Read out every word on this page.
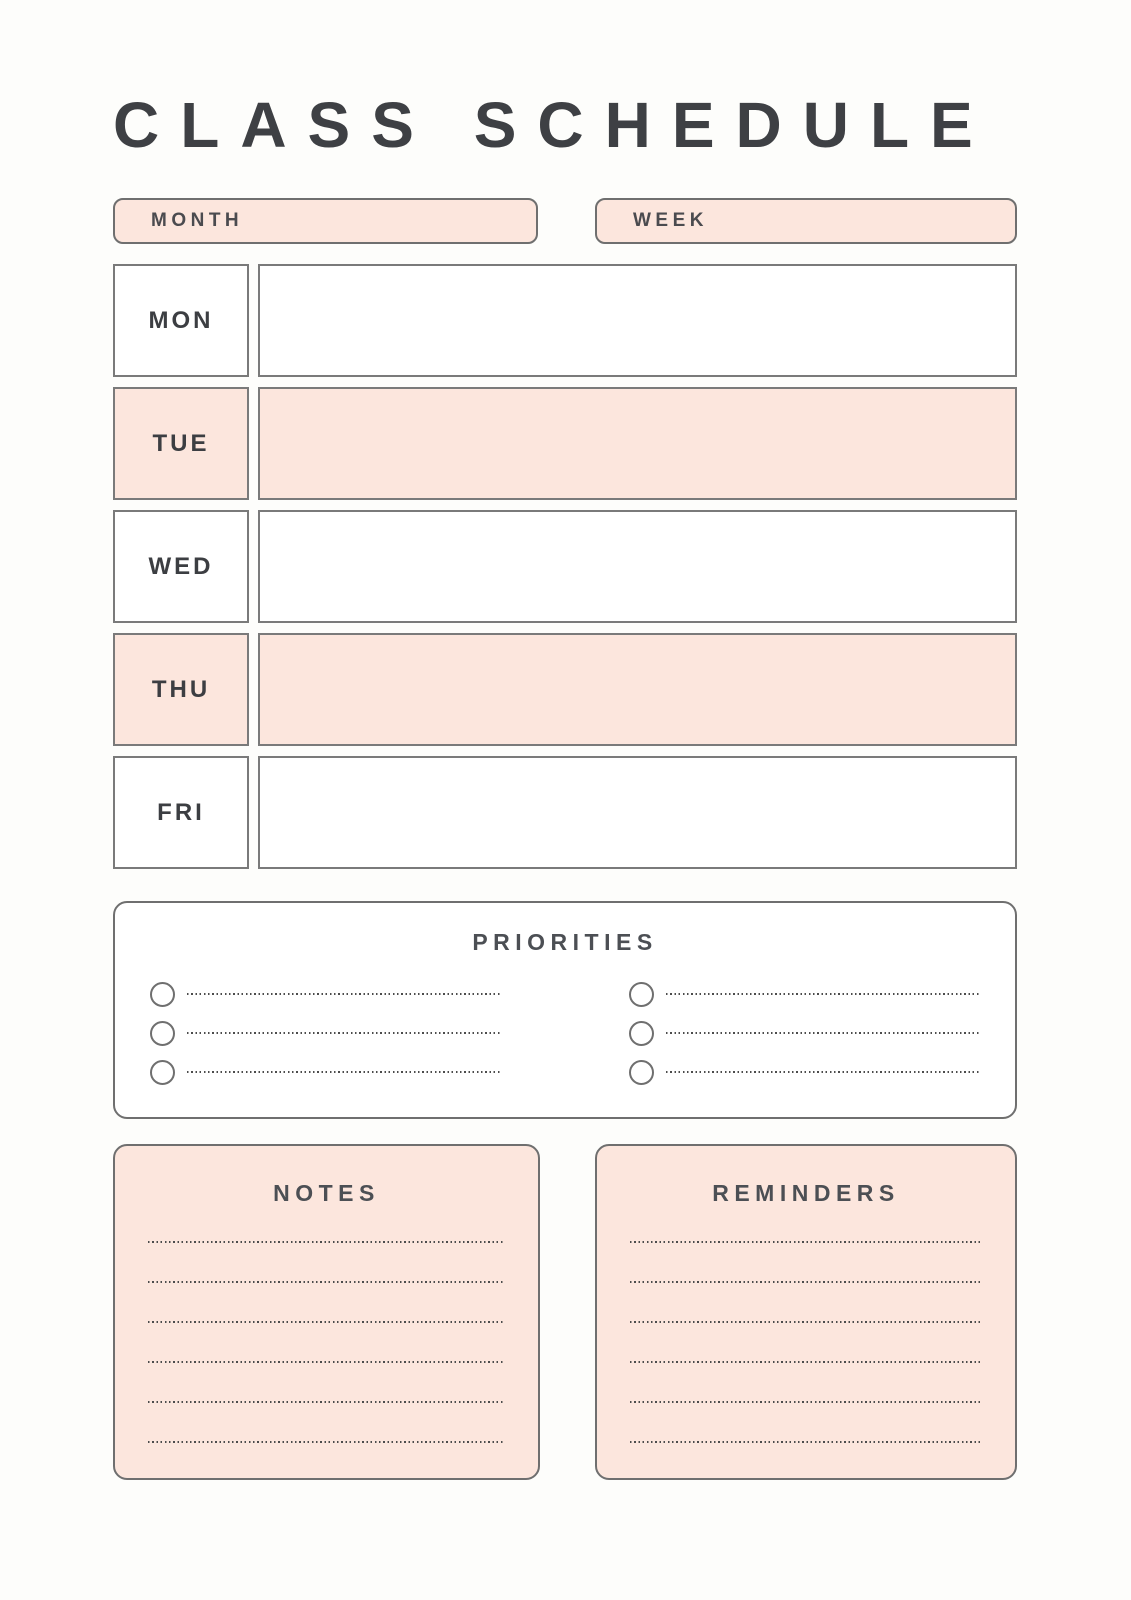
CLASS SCHEDULE
MONTH	WEEK
MON
TUE
WED
THU
FRI
PRIORITIES
NOTES	REMINDERS
